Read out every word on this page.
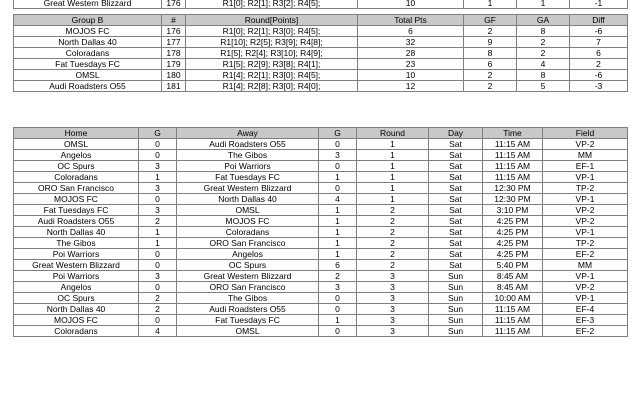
Great Western Blizzard	176	R1[0]; R2[1]; R3[2]; R4[5];	10	1	1	-1
Group B	#	Round[Points]	Total Pts	GF	GA	Diff
MOJOS FC	176	R1[0]; R2[1]; R3[0]; R4[5];	6	2	8	-6
North Dallas 40	177	R1[10]; R2[5]; R3[9]; R4[8];	32	9	2	7
Coloradans	178	R1[5]; R2[4]; R3[10]; R4[9];	28	8	2	6
Fat Tuesdays FC	179	R1[5]; R2[9]; R3[8]; R4[1];	23	6	4	2
OMSL	180	R1[4]; R2[1]; R3[0]; R4[5];	10	2	8	-6
Audi Roadsters O55	181	R1[4]; R2[8]; R3[0]; R4[0];	12	2	5	-3
Home	G	Away	G	Round	Day	Time	Field
OMSL	0	Audi Roadsters O55	0	1	Sat	11:15 AM	VP-2
Angelos	0	The Gibos	3	1	Sat	11:15 AM	MM
OC Spurs	3	Poi Warriors	0	1	Sat	11:15 AM	EF-1
Coloradans	1	Fat Tuesdays FC	1	1	Sat	11:15 AM	VP-1
ORO San Francisco	3	Great Western Blizzard	0	1	Sat	12:30 PM	TP-2
MOJOS FC	0	North Dallas 40	4	1	Sat	12:30 PM	VP-1
Fat Tuesdays FC	3	OMSL	1	2	Sat	3:10 PM	VP-2
Audi Roadsters O55	2	MOJOS FC	1	2	Sat	4:25 PM	VP-2
North Dallas 40	1	Coloradans	1	2	Sat	4:25 PM	VP-1
The Gibos	1	ORO San Francisco	1	2	Sat	4:25 PM	TP-2
Poi Warriors	0	Angelos	1	2	Sat	4:25 PM	EF-2
Great Western Blizzard	0	OC Spurs	6	2	Sat	5:40 PM	MM
Poi Warriors	3	Great Western Blizzard	2	3	Sun	8:45 AM	VP-1
Angelos	0	ORO San Francisco	3	3	Sun	8:45 AM	VP-2
OC Spurs	2	The Gibos	0	3	Sun	10:00 AM	VP-1
North Dallas 40	2	Audi Roadsters O55	0	3	Sun	11:15 AM	EF-4
MOJOS FC	0	Fat Tuesdays FC	1	3	Sun	11:15 AM	EF-3
Coloradans	4	OMSL	0	3	Sun	11:15 AM	EF-2
